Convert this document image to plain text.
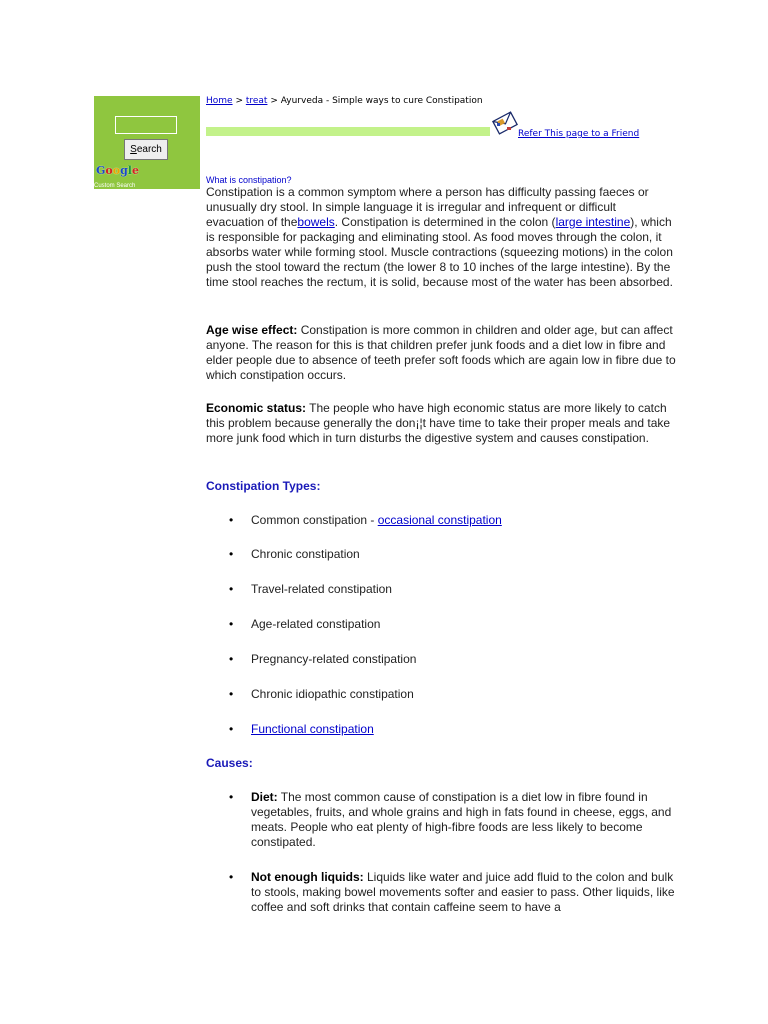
S earch
Google
Custom Search
Home > treat > Ayurveda - Simple ways to cure Constipation
Refer This page to a Friend
What is constipation?
Constipation is a common symptom where a person has difficulty passing faeces or unusually dry stool. In simple language it is irregular and infrequent or difficult evacuation of thebowels. Constipation is determined in the colon (large intestine), which is responsible for packaging and eliminating stool. As food moves through the colon, it absorbs water while forming stool. Muscle contractions (squeezing motions) in the colon push the stool toward the rectum (the lower 8 to 10 inches of the large intestine). By the time stool reaches the rectum, it is solid, because most of the water has been absorbed.
Age wise effect: Constipation is more common in children and older age, but can affect anyone. The reason for this is that children prefer junk foods and a diet low in fibre and elder people due to absence of teeth prefer soft foods which are again low in fibre due to which constipation occurs.
Economic status: The people who have high economic status are more likely to catch this problem because generally the don¡¦t have time to take their proper meals and take more junk food which in turn disturbs the digestive system and causes constipation.
Constipation Types:
• Common constipation - occasional constipation
• Chronic constipation
• Travel-related constipation
• Age-related constipation
• Pregnancy-related constipation
• Chronic idiopathic constipation
• Functional constipation
Causes:
• Diet: The most common cause of constipation is a diet low in fibre found in vegetables, fruits, and whole grains and high in fats found in cheese, eggs, and meats. People who eat plenty of high-fibre foods are less likely to become constipated.
• Not enough liquids: Liquids like water and juice add fluid to the colon and bulk to stools, making bowel movements softer and easier to pass. Other liquids, like coffee and soft drinks that contain caffeine seem to have a
